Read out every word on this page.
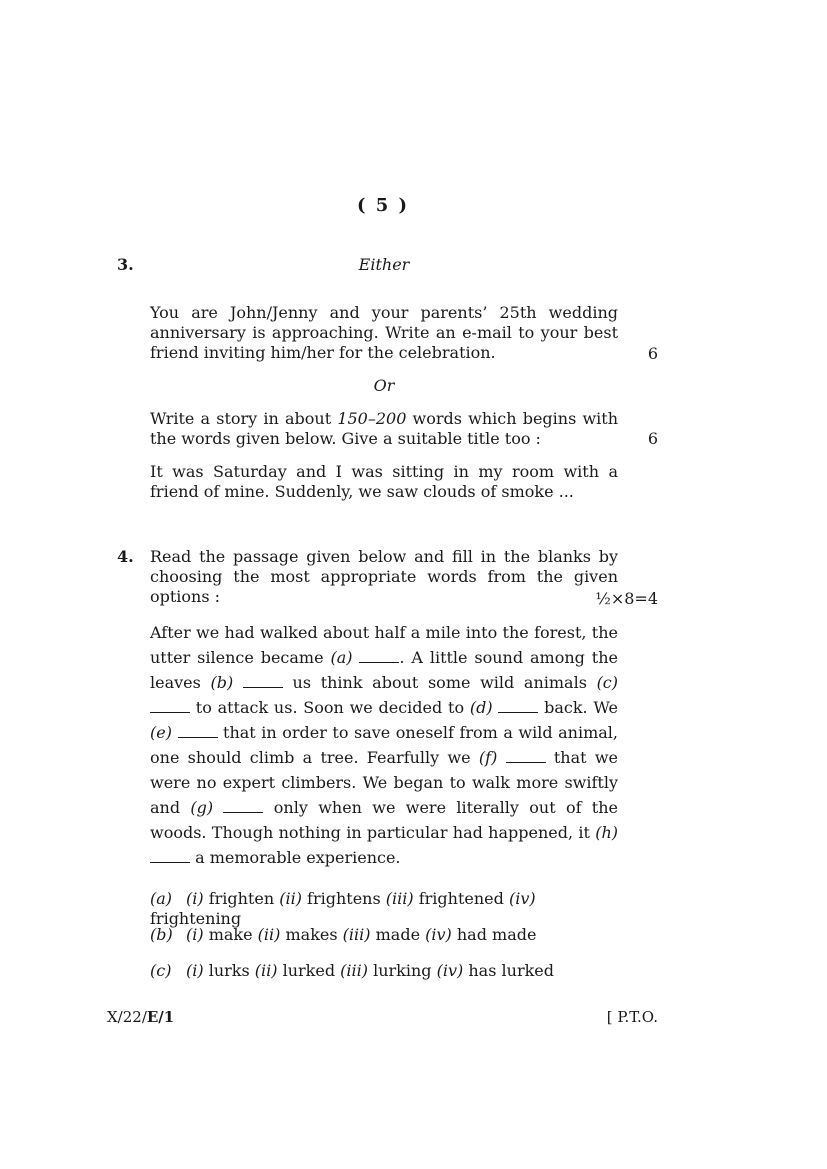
( 5 )
3.	Either
You are John/Jenny and your parents’ 25th wedding anniversary is approaching. Write an e-mail to your best friend inviting him/her for the celebration.	6
Or
Write a story in about 150–200 words which begins with the words given below. Give a suitable title too :	6
It was Saturday and I was sitting in my room with a friend of mine. Suddenly, we saw clouds of smoke ...
4. Read the passage given below and fill in the blanks by choosing the most appropriate words from the given options :	½×8=4
After we had walked about half a mile into the forest, the utter silence became (a)	. A little sound among the leaves (b)	us think about some wild animals (c)  to attack us. Soon we decided to (d)	back. We (e)	that in order to save oneself from a wild animal, one should climb a tree. Fearfully we (f)	that we were no expert climbers. We began to walk more swiftly and (g)	only when we were literally out of the woods. Though nothing in particular had happened, it (h)  a memorable experience.
(a) (i) frighten (ii) frightens (iii) frightened (iv) frightening
(b) (i) make (ii) makes (iii) made (iv) had made
(c) (i) lurks (ii) lurked (iii) lurking (iv) has lurked
X/22/E/1	[ P.T.O.
